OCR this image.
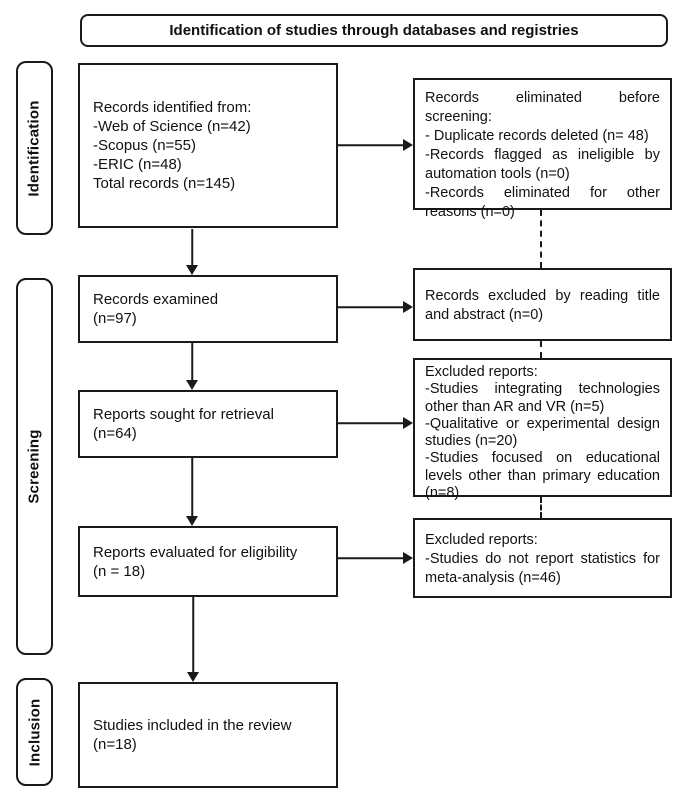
Identification of studies through databases and registries
Identification
Screening
Inclusion
Records identified from:
-Web of Science (n=42)
-Scopus (n=55)
-ERIC (n=48)
Total records (n=145)
Records examined
(n=97)
Reports sought for retrieval
(n=64)
Reports evaluated for eligibility
(n = 18)
Studies included in the review
(n=18)
Records eliminated before screening:
- Duplicate records deleted (n= 48)
-Records flagged as ineligible by automation tools (n=0)
-Records eliminated for other reasons (n=0)
Records excluded by reading title and abstract (n=0)
Excluded reports:
-Studies integrating technologies other than AR and VR (n=5)
-Qualitative or experimental design studies (n=20)
-Studies focused on educational levels other than primary education (n=8)
Excluded reports:
-Studies do not report statistics for meta-analysis (n=46)
